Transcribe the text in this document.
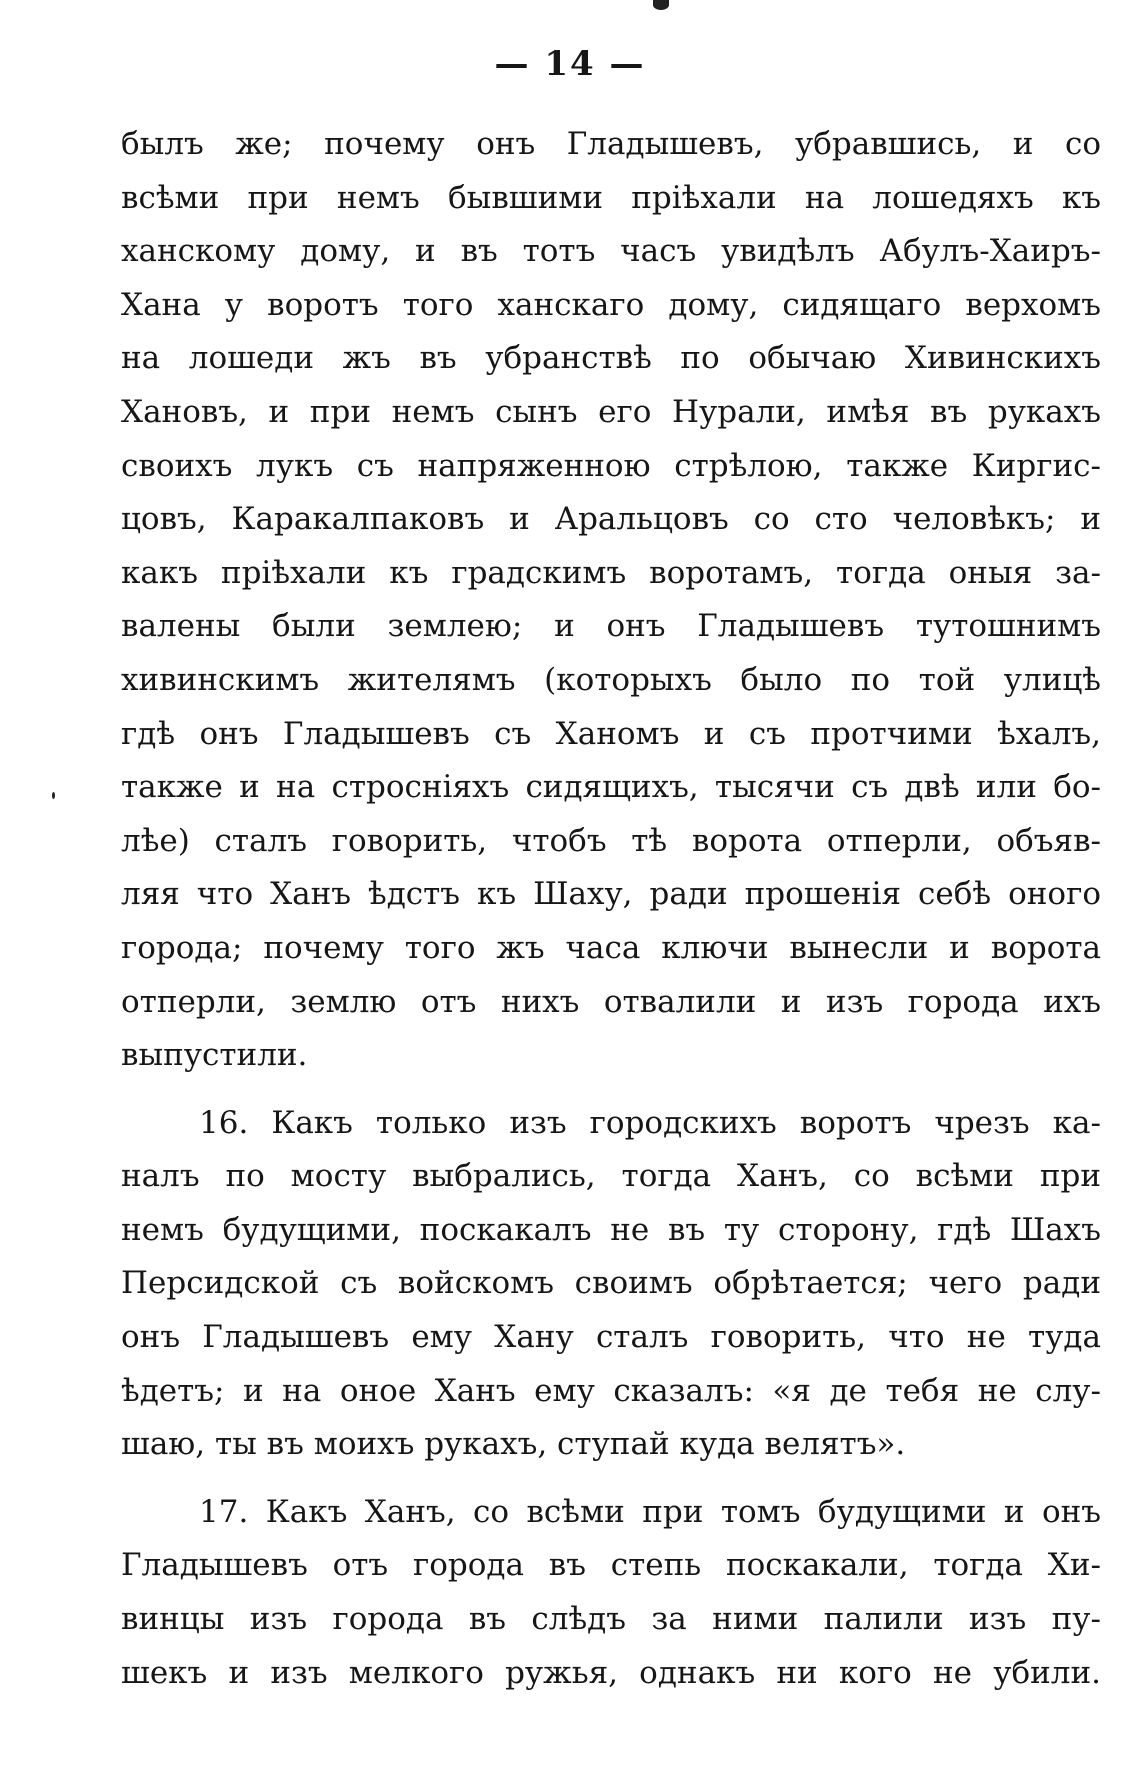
— 14 —
былъ же; почему онъ Гладышевъ, убравшись, и со
всѣми при немъ бывшими пріѣхали на лошедяхъ къ
ханскому дому, и въ тотъ часъ увидѣлъ Абулъ-Хаиръ-
Хана у воротъ того ханскаго дому, сидящаго верхомъ
на лошеди жъ въ убранствѣ по обычаю Хивинскихъ
Хановъ, и при немъ сынъ его Нурали, имѣя въ рукахъ
своихъ лукъ съ напряженною стрѣлою, также Киргис-
цовъ, Каракалпаковъ и Аральцовъ со сто человѣкъ; и
какъ пріѣхали къ градскимъ воротамъ, тогда оныя за-
валены были землею; и онъ Гладышевъ тутошнимъ
хивинскимъ жителямъ (которыхъ было по той улицѣ
гдѣ онъ Гладышевъ съ Ханомъ и съ протчими ѣхалъ,
также и на стросніяхъ сидящихъ, тысячи съ двѣ или бо-
лѣе) сталъ говорить, чтобъ тѣ ворота отперли, объяв-
ляя что Ханъ ѣдстъ къ Шаху, ради прошенія себѣ оного
города; почему того жъ часа ключи вынесли и ворота
отперли, землю отъ нихъ отвалили и изъ города ихъ
выпустили.
16. Какъ только изъ городскихъ воротъ чрезъ ка-
налъ по мосту выбрались, тогда Ханъ, со всѣми при
немъ будущими, поскакалъ не въ ту сторону, гдѣ Шахъ
Персидской съ войскомъ своимъ обрѣтается; чего ради
онъ Гладышевъ ему Хану сталъ говорить, что не туда
ѣдетъ; и на оное Ханъ ему сказалъ: «я де тебя не слу-
шаю, ты въ моихъ рукахъ, ступай куда велятъ».
17. Какъ Ханъ, со всѣми при томъ будущими и онъ
Гладышевъ отъ города въ степь поскакали, тогда Хи-
винцы изъ города въ слѣдъ за ними палили изъ пу-
шекъ и изъ мелкого ружья, однакъ ни кого не убили.
